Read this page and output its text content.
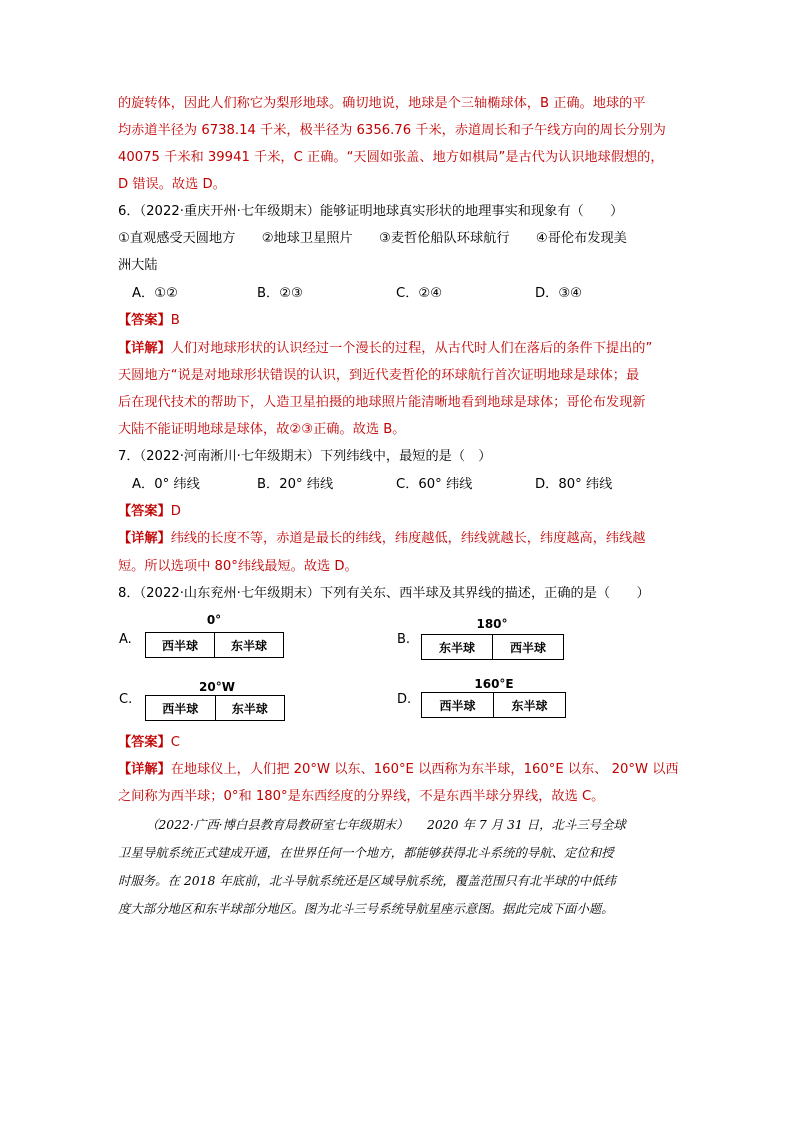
的旋转体，因此人们称它为梨形地球。确切地说，地球是个三轴椭球体，B 正确。地球的平
均赤道半径为 6738.14 千米，极半径为 6356.76 千米，赤道周长和子午线方向的周长分别为
40075 千米和 39941 千米，C 正确。“天圆如张盖、地方如棋局”是古代为认识地球假想的，
D 错误。故选 D。
6．（2022·重庆开州·七年级期末）能够证明地球真实形状的地理事实和现象有（　　）
①直观感受天圆地方　　②地球卫星照片　　③麦哲伦船队环球航行　　④哥伦布发现美
洲大陆
A．①②	B．②③	C．②④	D．③④
【答案】B
【详解】人们对地球形状的认识经过一个漫长的过程，从古代时人们在落后的条件下提出的”
天圆地方“说是对地球形状错误的认识，到近代麦哲伦的环球航行首次证明地球是球体；最
后在现代技术的帮助下，人造卫星拍摄的地球照片能清晰地看到地球是球体；哥伦布发现新
大陆不能证明地球是球体，故②③正确。故选 B。
7．（2022·河南淅川·七年级期末）下列纬线中，最短的是（　）
A．0° 纬线	B．20° 纬线	C．60° 纬线	D．80° 纬线
【答案】D
【详解】纬线的长度不等，赤道是最长的纬线，纬度越低，纬线就越长，纬度越高，纬线越
短。所以选项中 80°纬线最短。故选 D。
8．（2022·山东兖州·七年级期末）下列有关东、西半球及其界线的描述，正确的是（　　）
A.
0°
西半球	东半球	B.
180°
东半球	西半球
C.
20°W
西半球	东半球
D.
160°E
西半球	东半球
【答案】C
【详解】在地球仪上，人们把 20°W 以东、160°E 以西称为东半球，160°E 以东、 20°W 以西
之间称为西半球；0°和 180°是东西经度的分界线，不是东西半球分界线，故选 C。
（2022·广西·博白县教育局教研室七年级期末）　　2020 年 7 月 31 日，北斗三号全球
卫星导航系统正式建成开通，在世界任何一个地方，都能够获得北斗系统的导航、定位和授
时服务。在 2018 年底前，北斗导航系统还是区域导航系统，覆盖范围只有北半球的中低纬
度大部分地区和东半球部分地区。图为北斗三号系统导航星座示意图。据此完成下面小题。
